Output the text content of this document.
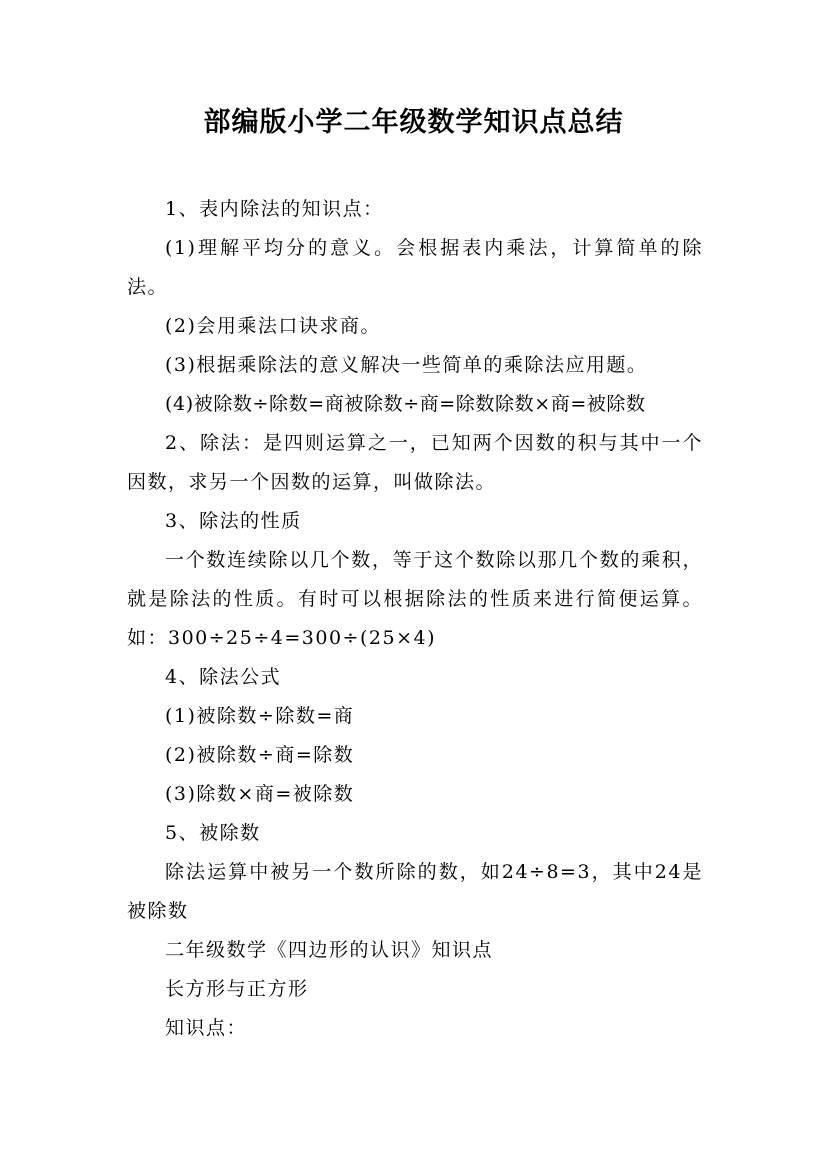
部编版小学二年级数学知识点总结

1、表内除法的知识点：

(1)理解平均分的意义。会根据表内乘法，计算简单的除法。

(2)会用乘法口诀求商。

(3)根据乘除法的意义解决一些简单的乘除法应用题。

(4)被除数÷除数=商被除数÷商=除数除数×商=被除数

2、除法：是四则运算之一，已知两个因数的积与其中一个因数，求另一个因数的运算，叫做除法。

3、除法的性质

一个数连续除以几个数，等于这个数除以那几个数的乘积，就是除法的性质。有时可以根据除法的性质来进行简便运算。如：300÷25÷4=300÷(25×4)

4、除法公式

(1)被除数÷除数=商

(2)被除数÷商=除数

(3)除数×商=被除数

5、被除数

除法运算中被另一个数所除的数，如24÷8=3，其中24是被除数

二年级数学《四边形的认识》知识点

长方形与正方形

知识点：
